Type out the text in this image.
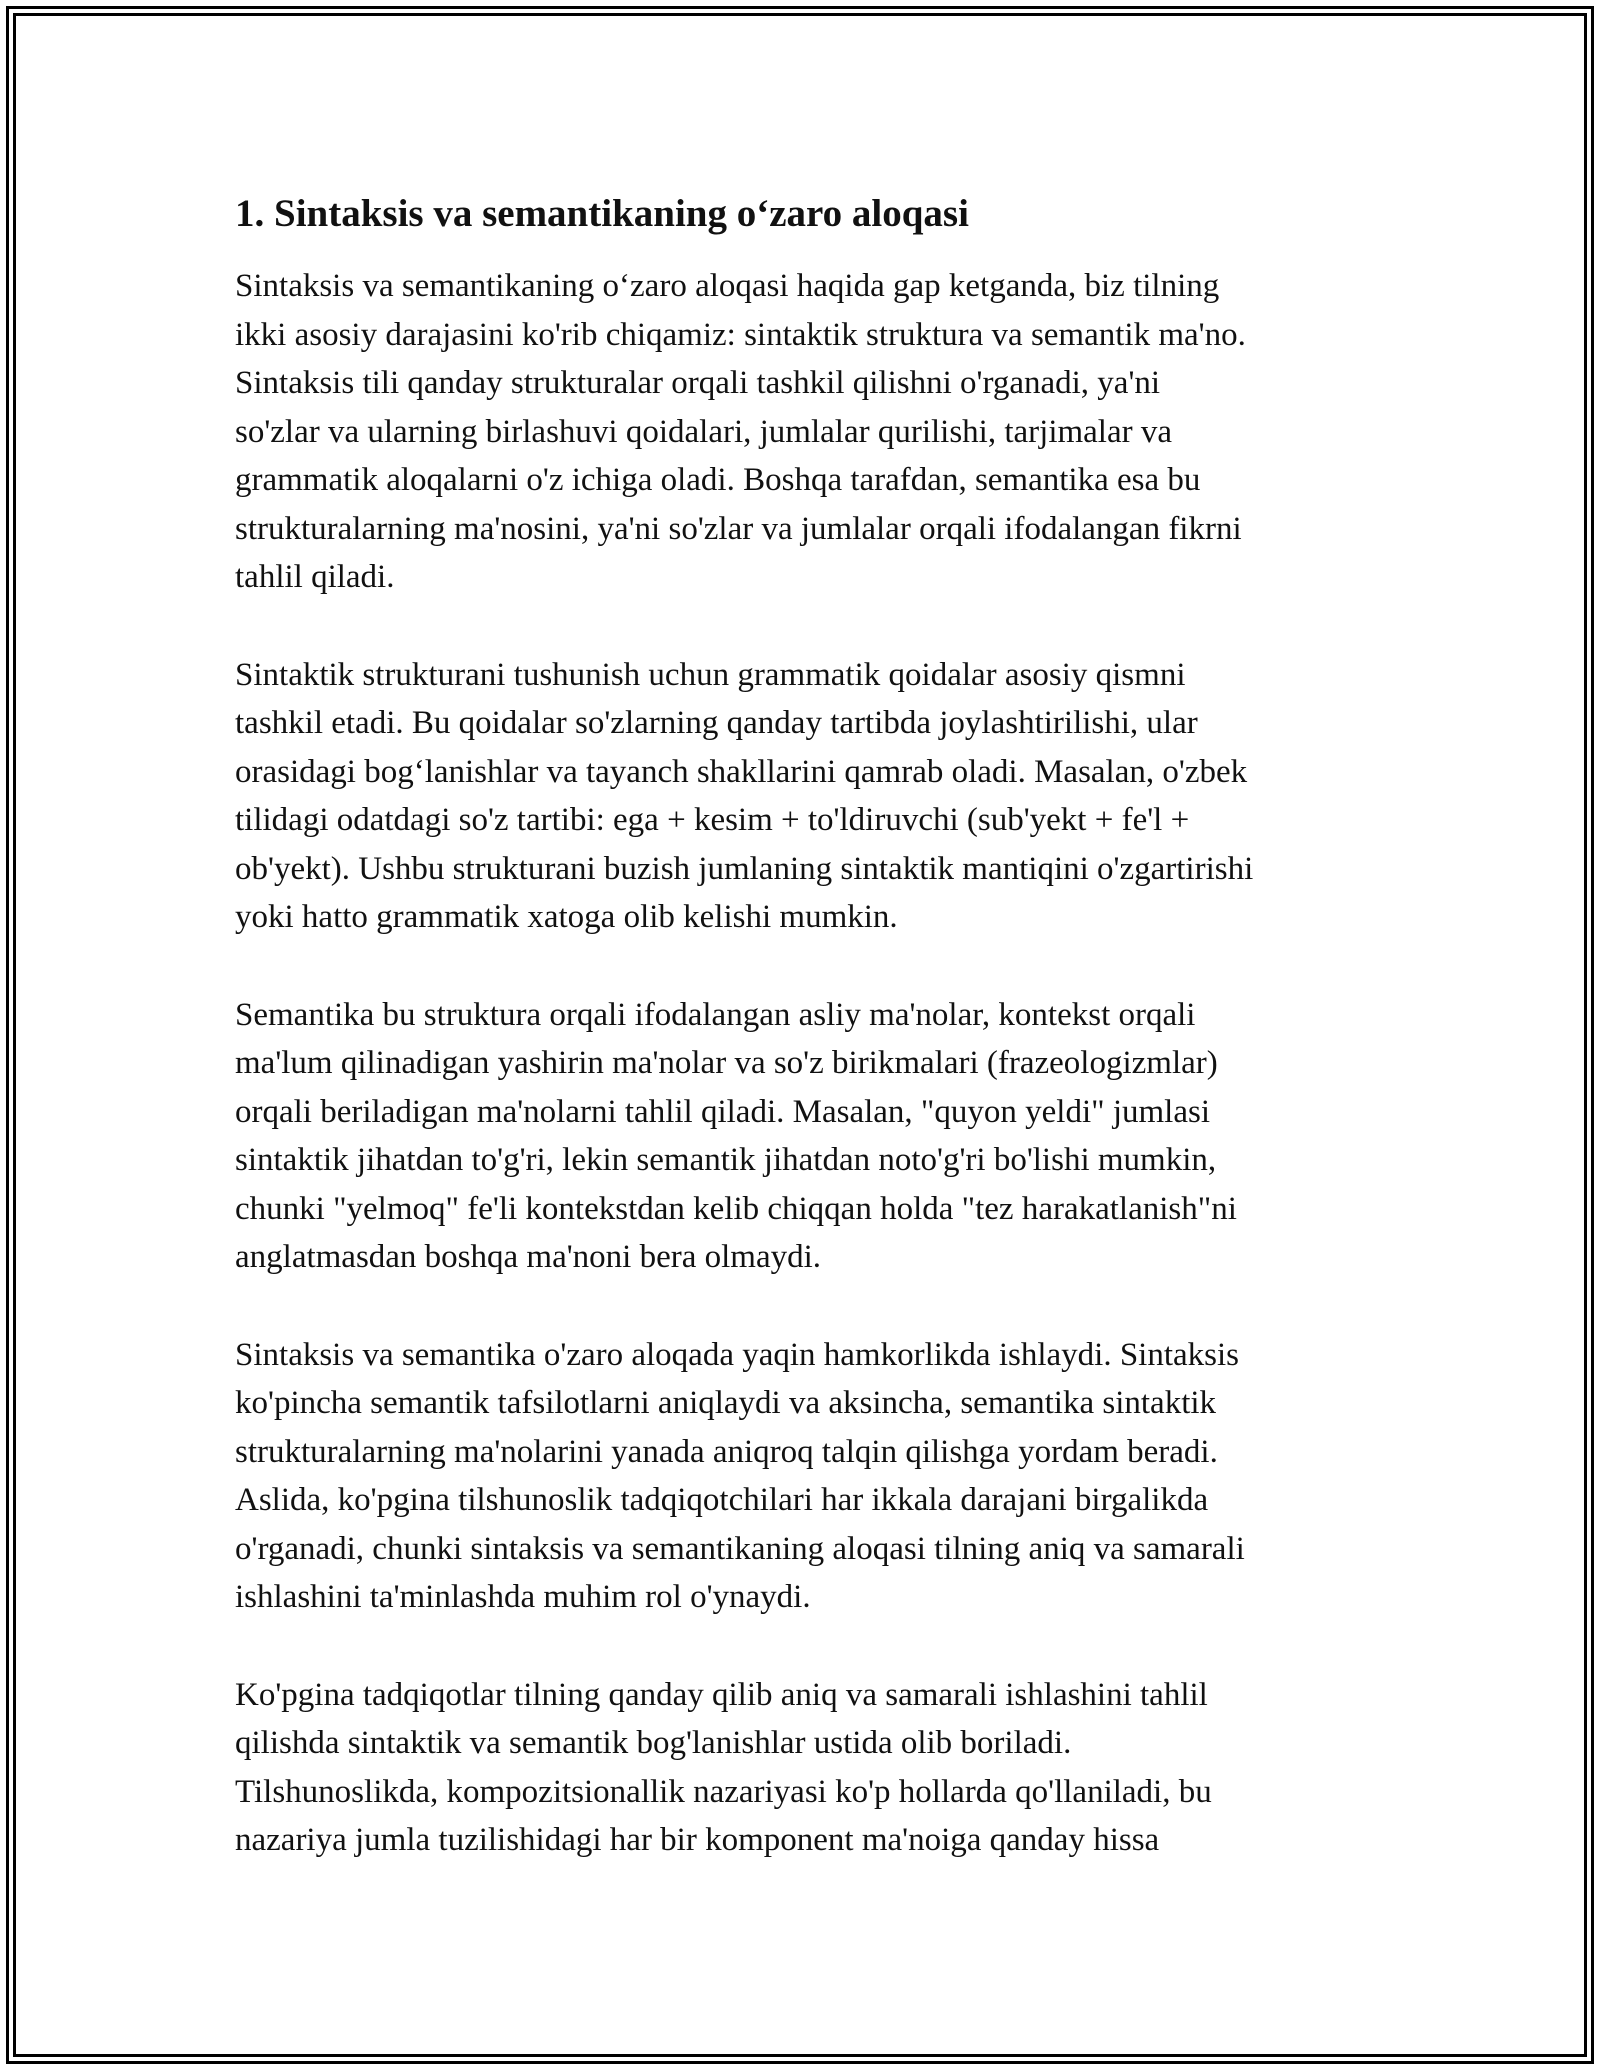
1. Sintaksis va semantikaning o‘zaro aloqasi

Sintaksis va semantikaning o‘zaro aloqasi haqida gap ketganda, biz tilning
ikki asosiy darajasini ko'rib chiqamiz: sintaktik struktura va semantik ma'no.
Sintaksis tili qanday strukturalar orqali tashkil qilishni o'rganadi, ya'ni
so'zlar va ularning birlashuvi qoidalari, jumlalar qurilishi, tarjimalar va
grammatik aloqalarni o'z ichiga oladi. Boshqa tarafdan, semantika esa bu
strukturalarning ma'nosini, ya'ni so'zlar va jumlalar orqali ifodalangan fikrni
tahlil qiladi.

Sintaktik strukturani tushunish uchun grammatik qoidalar asosiy qismni
tashkil etadi. Bu qoidalar so'zlarning qanday tartibda joylashtirilishi, ular
orasidagi bog‘lanishlar va tayanch shakllarini qamrab oladi. Masalan, o'zbek
tilidagi odatdagi so'z tartibi: ega + kesim + to'ldiruvchi (sub'yekt + fe'l +
ob'yekt). Ushbu strukturani buzish jumlaning sintaktik mantiqini o'zgartirishi
yoki hatto grammatik xatoga olib kelishi mumkin.

Semantika bu struktura orqali ifodalangan asliy ma'nolar, kontekst orqali
ma'lum qilinadigan yashirin ma'nolar va so'z birikmalari (frazeologizmlar)
orqali beriladigan ma'nolarni tahlil qiladi. Masalan, "quyon yeldi" jumlasi
sintaktik jihatdan to'g'ri, lekin semantik jihatdan noto'g'ri bo'lishi mumkin,
chunki "yelmoq" fe'li kontekstdan kelib chiqqan holda "tez harakatlanish"ni
anglatmasdan boshqa ma'noni bera olmaydi.

Sintaksis va semantika o'zaro aloqada yaqin hamkorlikda ishlaydi. Sintaksis
ko'pincha semantik tafsilotlarni aniqlaydi va aksincha, semantika sintaktik
strukturalarning ma'nolarini yanada aniqroq talqin qilishga yordam beradi.
Aslida, ko'pgina tilshunoslik tadqiqotchilari har ikkala darajani birgalikda
o'rganadi, chunki sintaksis va semantikaning aloqasi tilning aniq va samarali
ishlashini ta'minlashda muhim rol o'ynaydi.

Ko'pgina tadqiqotlar tilning qanday qilib aniq va samarali ishlashini tahlil
qilishda sintaktik va semantik bog'lanishlar ustida olib boriladi.
Tilshunoslikda, kompozitsionallik nazariyasi ko'p hollarda qo'llaniladi, bu
nazariya jumla tuzilishidagi har bir komponent ma'noiga qanday hissa
